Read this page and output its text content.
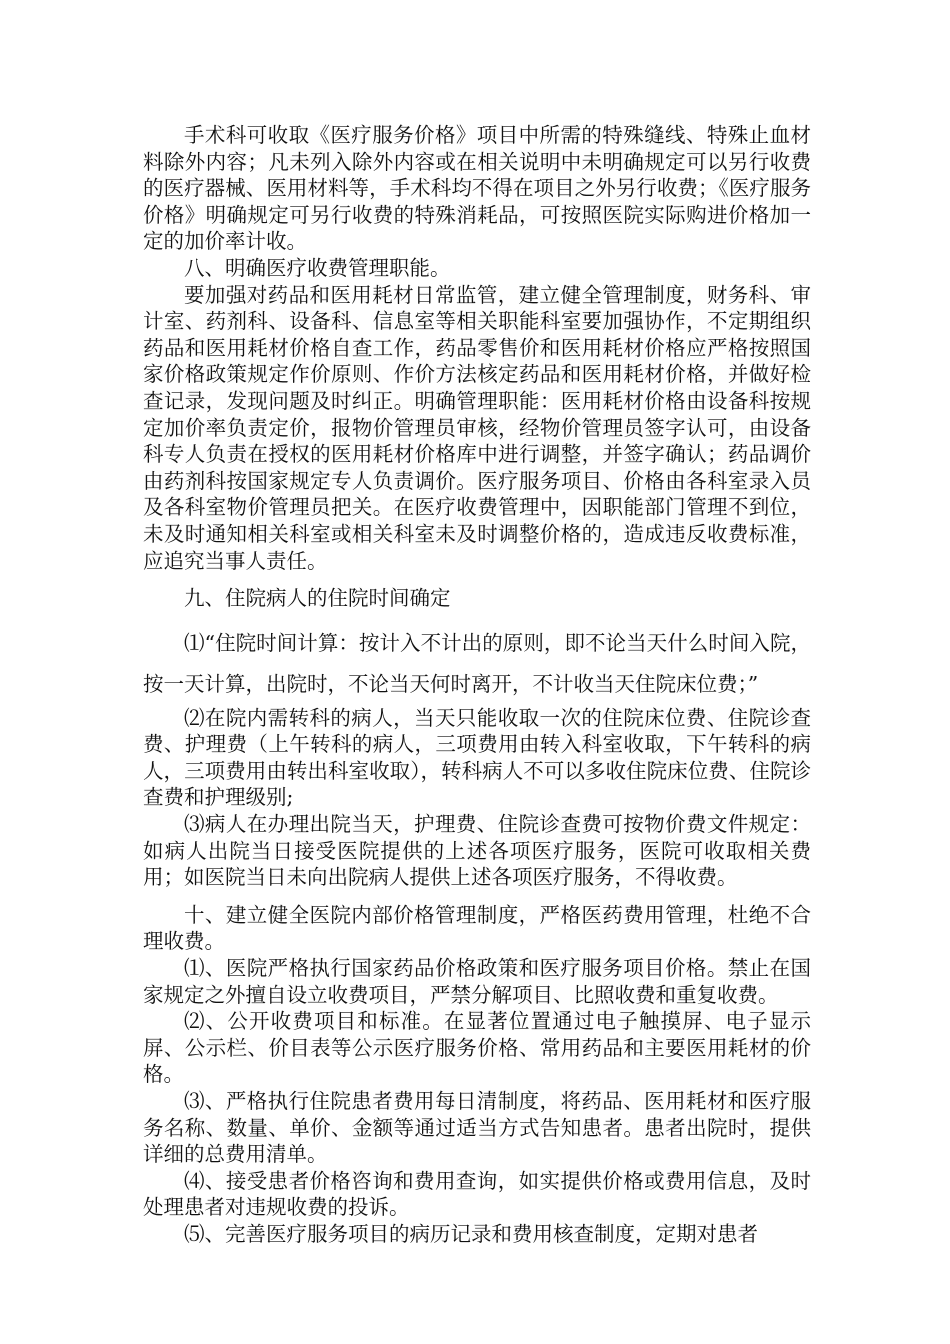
手术科可收取《医疗服务价格》项目中所需的特殊缝线、特殊止血材料除外内容；凡未列入除外内容或在相关说明中未明确规定可以另行收费的医疗器械、医用材料等，手术科均不得在项目之外另行收费；《医疗服务价格》明确规定可另行收费的特殊消耗品，可按照医院实际购进价格加一定的加价率计收。

八、明确医疗收费管理职能。

要加强对药品和医用耗材日常监管，建立健全管理制度，财务科、审计室、药剂科、设备科、信息室等相关职能科室要加强协作，不定期组织药品和医用耗材价格自查工作，药品零售价和医用耗材价格应严格按照国家价格政策规定作价原则、作价方法核定药品和医用耗材价格，并做好检查记录，发现问题及时纠正。明确管理职能：医用耗材价格由设备科按规定加价率负责定价，报物价管理员审核，经物价管理员签字认可，由设备科专人负责在授权的医用耗材价格库中进行调整，并签字确认；药品调价由药剂科按国家规定专人负责调价。医疗服务项目、价格由各科室录入员及各科室物价管理员把关。在医疗收费管理中，因职能部门管理不到位，未及时通知相关科室或相关科室未及时调整价格的，造成违反收费标准，应追究当事人责任。

九、住院病人的住院时间确定

⑴“住院时间计算：按计入不计出的原则，即不论当天什么时间入院，按一天计算，出院时，不论当天何时离开，不计收当天住院床位费；”

⑵在院内需转科的病人，当天只能收取一次的住院床位费、住院诊查费、护理费（上午转科的病人，三项费用由转入科室收取，下午转科的病人，三项费用由转出科室收取），转科病人不可以多收住院床位费、住院诊查费和护理级别;

⑶病人在办理出院当天，护理费、住院诊查费可按物价费文件规定：如病人出院当日接受医院提供的上述各项医疗服务，医院可收取相关费用；如医院当日未向出院病人提供上述各项医疗服务，不得收费。

十、建立健全医院内部价格管理制度，严格医药费用管理，杜绝不合理收费。

⑴、医院严格执行国家药品价格政策和医疗服务项目价格。禁止在国家规定之外擅自设立收费项目，严禁分解项目、比照收费和重复收费。

⑵、公开收费项目和标准。在显著位置通过电子触摸屏、电子显示屏、公示栏、价目表等公示医疗服务价格、常用药品和主要医用耗材的价格。

⑶、严格执行住院患者费用每日清制度，将药品、医用耗材和医疗服务名称、数量、单价、金额等通过适当方式告知患者。患者出院时，提供详细的总费用清单。

⑷、接受患者价格咨询和费用查询，如实提供价格或费用信息，及时处理患者对违规收费的投诉。

⑸、完善医疗服务项目的病历记录和费用核查制度，定期对患者
